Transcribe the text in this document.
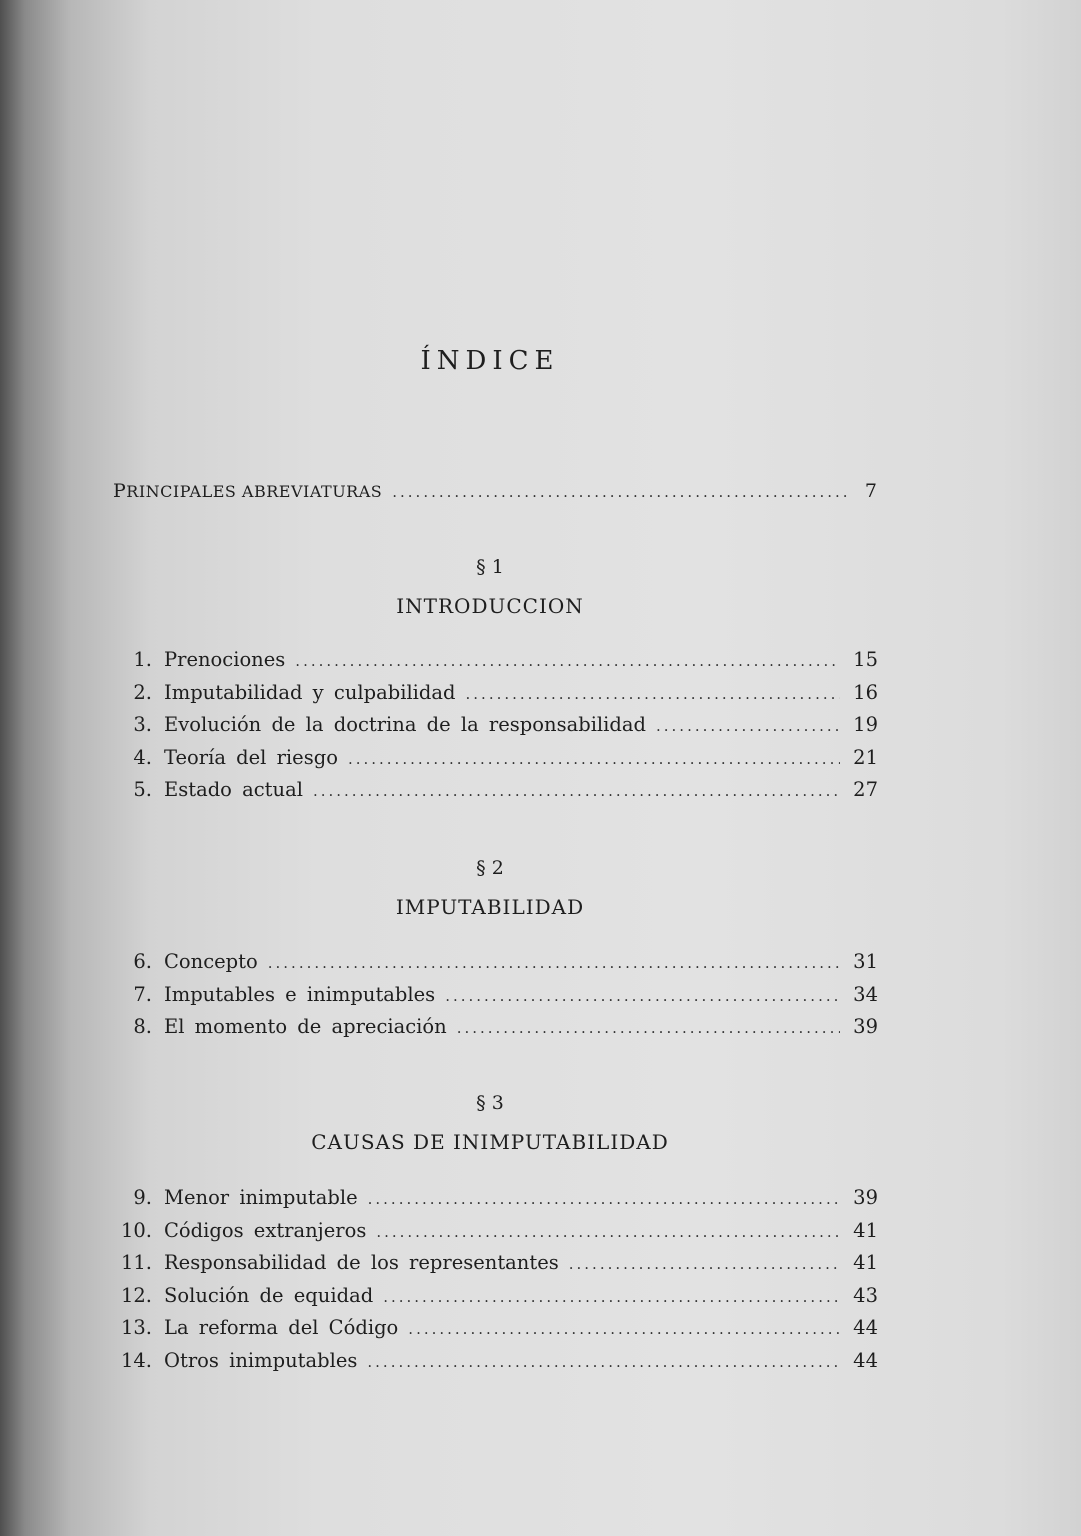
ÍNDICE
PRINCIPALES ABREVIATURAS .....	7
§ 1
INTRODUCCION
1. Prenociones .....	15
2. Imputabilidad y culpabilidad .....	16
3. Evolución de la doctrina de la responsabilidad .....	19
4. Teoría del riesgo .....	21
5. Estado actual .....	27
§ 2
IMPUTABILIDAD
6. Concepto .....	31
7. Imputables e inimputables .....	34
8. El momento de apreciación .....	39
§ 3
CAUSAS DE INIMPUTABILIDAD
9. Menor inimputable .....	39
10. Códigos extranjeros .....	41
11. Responsabilidad de los representantes .....	41
12. Solución de equidad .....	43
13. La reforma del Código .....	44
14. Otros inimputables .....	44
